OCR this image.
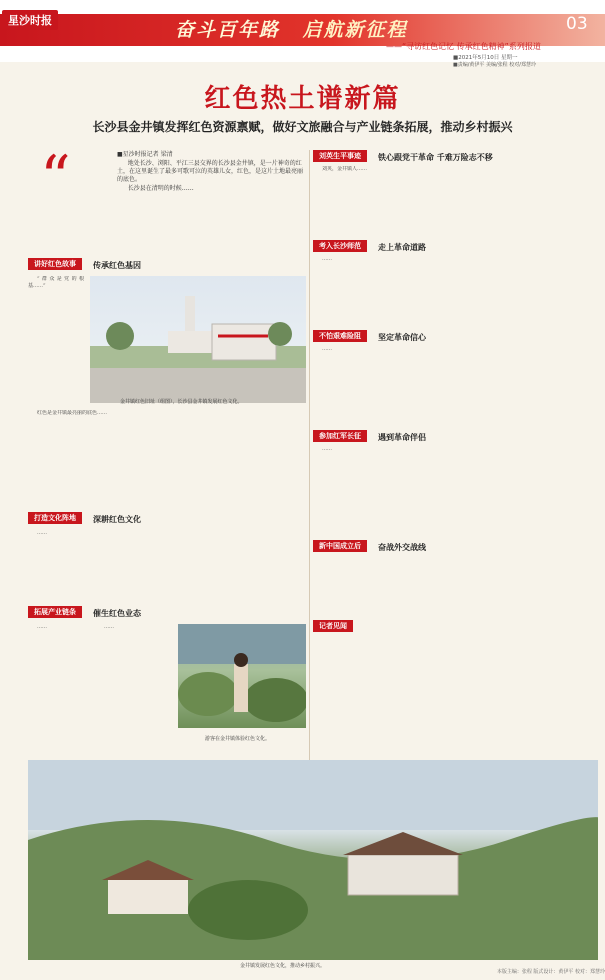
星沙时报	奋斗百年路 启航新征程
——“寻访红色记忆 传承红色精神”系列报道
03
■2021年5月10日 星期一
■责编/黄伊平 美编/张程 校对/郑慧玲
红色热土谱新篇
长沙县金井镇发挥红色资源禀赋，做好文旅融合与产业链条拓展，推动乡村振兴
“	■星沙时报记者 梁清
地处长沙、浏阳、平江三县交界的长沙县金井镇，是一片神奇的红土，在这里诞生了最多可歌可泣的英雄儿女，红色，是这片土地最亮丽的底色。
长沙县在清明的时候……
讲好红色故事	传承红色基因
“群众是党的根基……”
金井镇红色旧址（组图），长沙县金井镇发展红色文化。
红色是金井镇最亮丽的底色……
打造文化阵地	深耕红色文化
……
拓展产业链条	催生红色业态
……
游客在金井镇体验红色文化。
……
刘英生平事迹	铁心跟党干革命 千难万险志不移
刘英，金井镇人……
考入长沙师范	走上革命道路
……
不怕艰难险阻	坚定革命信心
……
参加红军长征	遇到革命伴侣
……
新中国成立后	奋战外交战线
记者见闻
金井镇发展红色文化，推动乡村振兴。
本版主编：张程 版式设计：黄伊平 校对：郑慧玲
